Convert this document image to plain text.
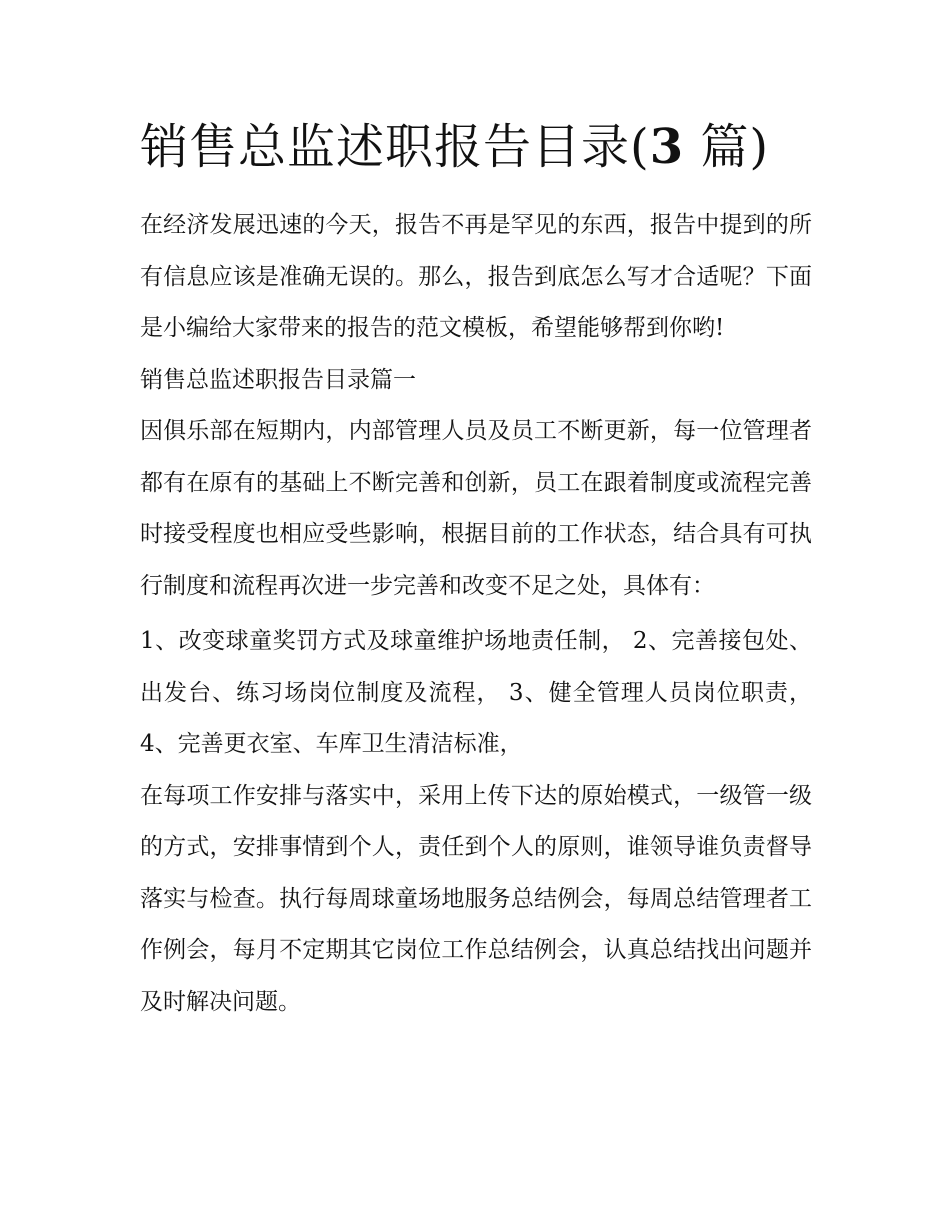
销售总监述职报告目录(3 篇)

在经济发展迅速的今天，报告不再是罕见的东西，报告中提到的所有信息应该是准确无误的。那么，报告到底怎么写才合适呢？下面是小编给大家带来的报告的范文模板，希望能够帮到你哟!

销售总监述职报告目录篇一

因俱乐部在短期内，内部管理人员及员工不断更新，每一位管理者都有在原有的基础上不断完善和创新，员工在跟着制度或流程完善时接受程度也相应受些影响，根据目前的工作状态，结合具有可执行制度和流程再次进一步完善和改变不足之处，具体有：

1、改变球童奖罚方式及球童维护场地责任制， 2、完善接包处、出发台、练习场岗位制度及流程， 3、健全管理人员岗位职责， 4、完善更衣室、车库卫生清洁标准，

在每项工作安排与落实中，采用上传下达的原始模式，一级管一级的方式，安排事情到个人，责任到个人的原则，谁领导谁负责督导落实与检查。执行每周球童场地服务总结例会，每周总结管理者工作例会，每月不定期其它岗位工作总结例会，认真总结找出问题并及时解决问题。
